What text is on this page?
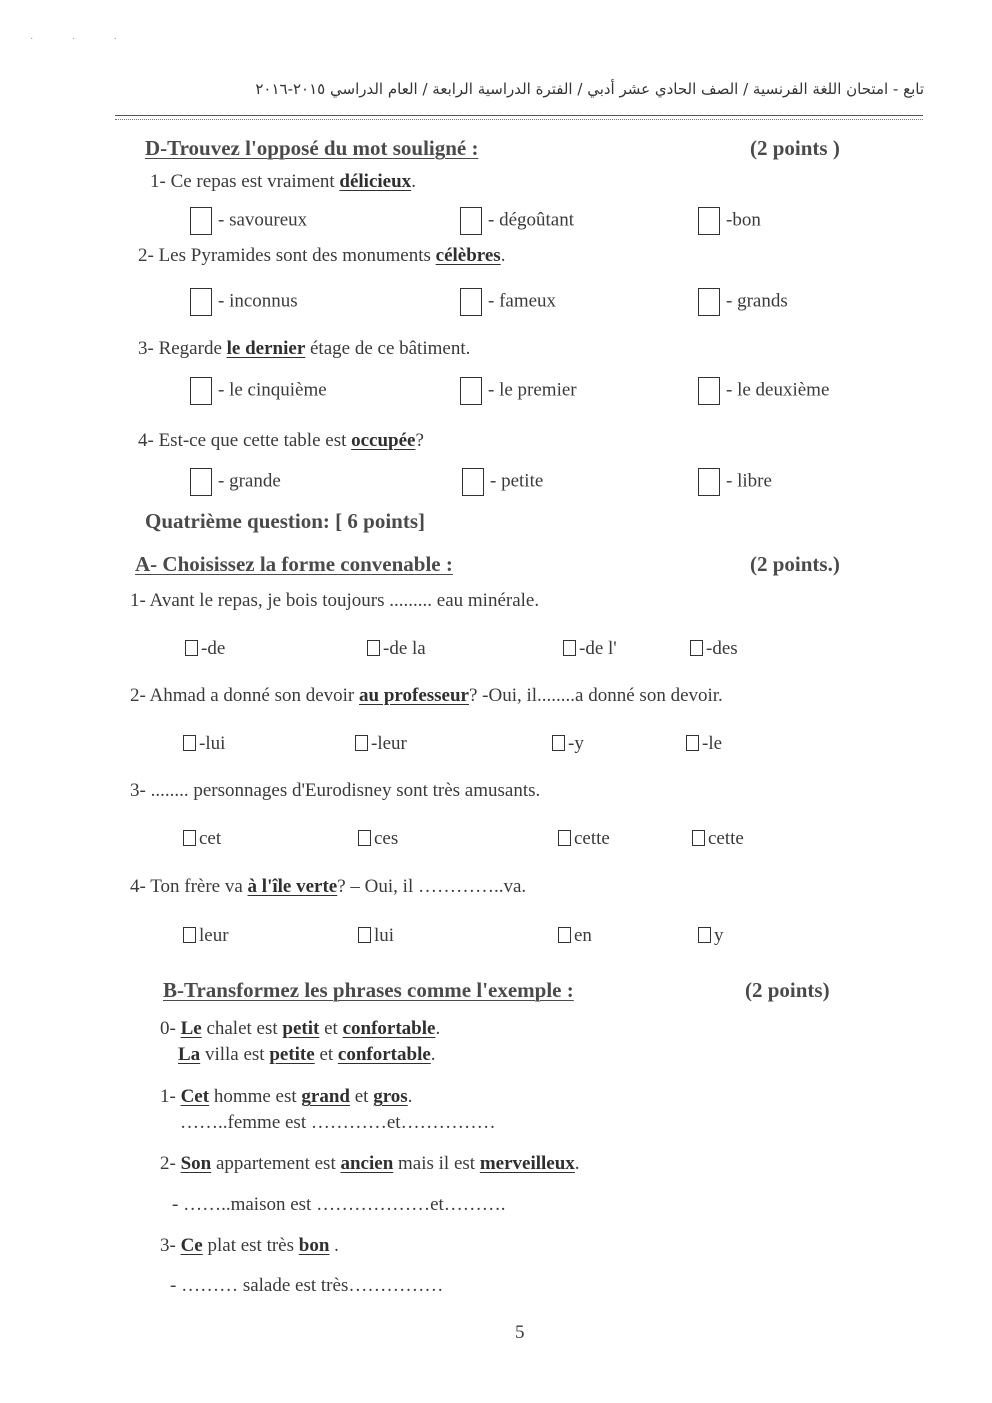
· · ·
تابع - امتحان اللغة الفرنسية / الصف الحادي عشر أدبي / الفترة الدراسية الرابعة / العام الدراسي ٢٠١٥-٢٠١٦
D-Trouvez l'opposé du mot souligné :	(2 points )
1- Ce repas est vraiment délicieux.
- savoureux	- dégoûtant	-bon
2- Les Pyramides sont des monuments célèbres.
- inconnus	- fameux	- grands
3- Regarde le dernier étage de ce bâtiment.
- le cinquième	- le premier	- le deuxième
4- Est-ce que cette table est occupée?
- grande	- petite	- libre
Quatrième question: [ 6 points]
A- Choisissez la forme convenable :	(2 points.)
1- Avant le repas, je bois toujours ......... eau minérale.
-de	-de la	-de l'	-des
2- Ahmad a donné son devoir au professeur? -Oui, il........a donné son devoir.
-lui	-leur	-y	-le
3- ........ personnages d'Eurodisney sont très amusants.
cet	ces	cette	cette
4- Ton frère va à l'île verte? – Oui, il …………..va.
leur	lui	en	y
B-Transformez les phrases comme l'exemple :	(2 points)
0- Le chalet est petit et confortable.
La villa est petite et confortable.
1- Cet homme est grand et gros.
……..femme est …………et……………
2- Son appartement est ancien mais il est merveilleux.
- ……..maison est ………………et……….
3- Ce plat est très bon .
- ……… salade est très……………
5
